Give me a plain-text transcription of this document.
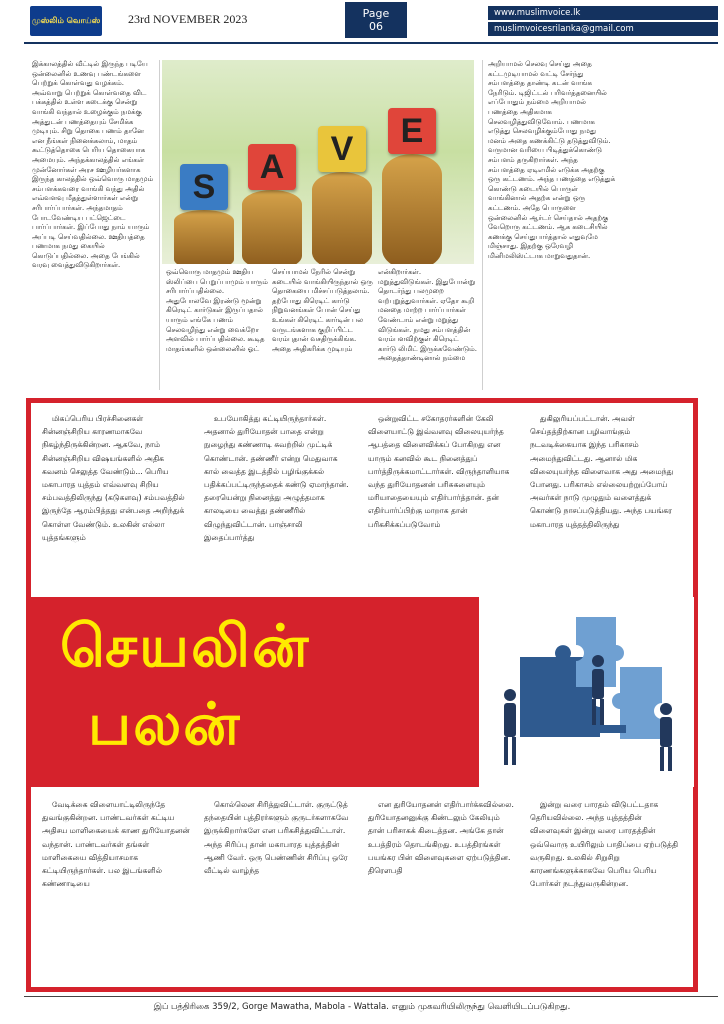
முஸ்லிம் வொய்ஸ் 23rd NOVEMBER 2023	Page
06
www.muslimvoice.lk
muslimvoicesrilanka@gmail.com

இக்காலத்தில் வீட்டில் இருந்த படியே ஒன்லைனில் உணவு பண்டங்களை பெற்றுக் கொள்வது வழக்கம். அவ்வாறு பெற்றுக் கொள்வதை விட பக்கத்தில் உள்ள கடைக்கு சென்று வாங்கி வந்தால் உழைக்கும் நமக்கு அத்துடன் பணத்தையும் சேமிக்க முடியும். சிறு தொகை பணம் தானே என நீங்கள் நினைக்கலாம், மாதம் கூட்டுத்தொகை பெரிய தொகையாக அமையும். அந்தக்காலத்தில் எங்கள் முன்னோர்கள் அரச ஊழியர்களாக இருந்த காலத்தில் ஒவ்வொரு மாதமும் சம்பளக்கவரை வாங்கி வந்து அதில் எவ்வளவு மீதத்துள்ளார்கள் என்று சரிபார்ப்பார்கள். அந்தமாதம் போடவேண்டிய பட்ஜெட்டை பார்ப்பார்கள். இப்போது நாம் யாரும் அப்படி செய்வதில்லை. ஊதியத்தை பணமாக நமது கையில் கொடுப்பதில்லை. அதை பேங்கில் வரவு வைத்துவிடுகிறார்கள்.

S
A	V	E

ஒவ்வொரு மாதமும் ஊதிய ஸ்லிப்பை பெறுப்பாமும் யாரும் சரிபார்ப்பதில்லை. அதுபோலவே இரண்டு மூன்று கிரெடிட் கார்டுகள் இருப்பதால் யாரும் எங்கே பணம் செலவழிந்து என்று வைக்றோ அளவில் பார்ப்பதில்லை. கூடித மாதங்களில் ஒன்லைனில் ஓட்

செய்யாமல் நேரில் சென்று கடையில் வாங்கியிருந்தால் ஒரு தொகையை மிச்சப்படுத்தலாம். தற்போது கிரெடிட் கார்டு நிறுவனங்கள் போன் செய்து உங்கள் கிரெடிட் கார்டின் பல வருடங்களாக குறிப்பிட்ட வரம்புதான் வசதிருக்கிங்க. அதை அதிகரிக்க முடியும்

என்கிறார்கள். மறுத்துவிடுங்கள். இதுபோன்று தொடர்ந்து பலமுறை வற்புறுத்துவார்கள். ஏதோ கூறி மனதை மாற்ற பார்ப்பார்கள் வேண்டாம் என்று மறுத்து விடுங்கள். நமது சம்பளத்தின் வரம்பளவிற்குள் கிரெடிட் கார்டு லிமிட் இருக்கவேண்டும். அதைத்தாண்டினால் நம்மை

அறியாமல் செலவு செய்து அதை கட்டமுடியாமல் வட்டி சேர்ந்து சம்பளத்தை தாண்டி கடன் வாங்க நேரிடும். டிஜிட்டல் பரிவர்த்தனையில் எப்போதும் நம்மை அறியாமல் பணத்தை அதிகமாக செலவழித்துவிடுவோம். பணமாக எடுத்து செலவழிக்கும்போது நமது மனம் அதை கணக்கிட்டு தடுத்துவிடும். வருமான வரியை பிடித்துக்கொண்டு சம்பளம் தருகிறார்கள். அந்த சம்பளத்தை ஏடிஎமில் எடுக்க அதற்கு ஒரு கட்டணம். அந்த பணத்தை எடுத்துக் கொண்டு கடையில் பொருள் வாங்கினால் அதற்க என்று ஒரு கட்டணம். அதே பொருளை ஒன்லைனில் ஆர்டர் செய்தால் அதற்கு வேறொரு கட்டணம். ஆக கடைசியில் கணக்கு செய்துபார்த்தால் எதுவுமே மிஞ்சாது. இதற்கு ஒரேவழி மினிமலிஸ்ட்டாக மாறுவதுதான்.

மிகப்பெரிய பிரச்சினைகள் சின்னஞ்சிறிய காரணமாகவே நிகழ்ந்திருக்கின்றன. ஆகவே, நாம் சின்னஞ்சிறிய விஷயங்களில் அதிக கவனம் செலுத்த வேண்டும்... பெரிய மகாபாரத யுத்தம் எவ்வளவு சிறிய சம்பவத்திலிருந்து (கடுகளவு) சம்பவத்தில் இருந்தே ஆரம்பித்தது என்பதை அறிந்துக் கொள்ள வேண்டும். உலகின் எல்லா யுத்தங்களும்

உபயோகித்து கட்டியிருந்தார்கள். அதனால் துரியோதன் பாதை என்று நுழைந்து கண்ணாடி சுவற்றில் முட்டிக் கொண்டான். தண்ணீர் என்று மெதுவாக கால் வைத்த இடத்தில் பழிங்குக்கல் பதிக்கப்பட்டிருந்ததைக் கண்டு ஏமாந்தான். தரையென்று நினைத்து அழுத்தமாக காலடியை வைத்து தண்ணீரில் விழுந்துவிட்டான். பாஞ்சாலி இதைப்பார்த்து

ஒன்றுவிட்ட சகோதரர்களின் கேலி விளையாட்டு இவ்வளவு விலையுயர்ந்த ஆபத்தை விளைவிக்கப் போகிறது என யாரும் கனவில் கூட நினைத்துப் பார்த்திருக்கமாட்டார்கள். விருந்தாளியாக வந்த துரியோதனன் பரிசுகளையும் மரியாதையையும் எதிர்பார்த்தான். தன் எதிர்பார்ப்பிற்கு மாறாக தான் பரிகசிக்கப்படுவோம்

துகிலுரியப்பட்டான். அவள் செய்தத்திற்கான பழிவாங்கும் நடவடிக்கையாக இந்த பரிகாசம் அமைந்துவிட்டது. ஆனால் மிக விலையுயர்ந்த விளைவாக அது அமைந்து போனது. பரிகாசம் எல்லையற்றுப்போய் அவர்கள் நாடு முழுதும் வளைத்துக் கொண்டு நாசப்படுத்தியது. அந்த பயங்கர மகாபாரத யுத்தத்திலிருந்து

செயலின்
பலன்

வேடிக்கை விளையாட்டிலிருந்தே துவங்குகின்றன. பாண்டவர்கள் கட்டிய அதிசய மாளிகையைக் காண துரியோதனன் வந்தான். பாண்டவர்கள் தங்கள் மாளிகையை வித்தியாசமாக கட்டியிருந்தார்கள். பல இடங்களில் கண்ணாடியை

கொல்லென சிரித்துவிட்டாள். குருட்டுத் தந்தையின் புத்திரர்களும் குருடர்களாகவே இருக்கிறார்களே என பரிகசித்துவிட்டாள். அந்த சிரிப்பு தான் மகாபாரத யுத்தத்தின் ஆணி வேர். ஒரு பெண்ணின் சிரிப்பு ஒரே வீட்டில் வாழ்ந்த

என துரியோதனன் எதிர்பார்க்கவில்லை. துரியோதனனுக்கு கிண்டலும் கேலியும் தான் பரிசாகக் கிடைத்தன. அங்கே தான் உபத்திரம் தொடங்கிறது. உபத்திரங்கள் பயங்கர பின் விளைவுகளை ஏற்படுத்தின. திரௌபதி

இன்று வரை பாரதம் விடுபட்டதாக தெரியவில்லை. அந்த யுத்தத்தின் விளைவுகள் இன்று வரை பாரதத்தின் ஒவ்வொரு உயிரிலும் பாதிப்பை ஏற்படுத்தி வருகிறது. உலகில் சிறுசிறு காரணங்களுக்காகவே பெரிய பெரிய போர்கள் நடந்துவருகின்றன.

இப் பத்திரிகை 359/2, Gorge Mawatha, Mabola - Wattala. எனும் முகவரியிலிருந்து வெளியிடப்படுகிறது.
